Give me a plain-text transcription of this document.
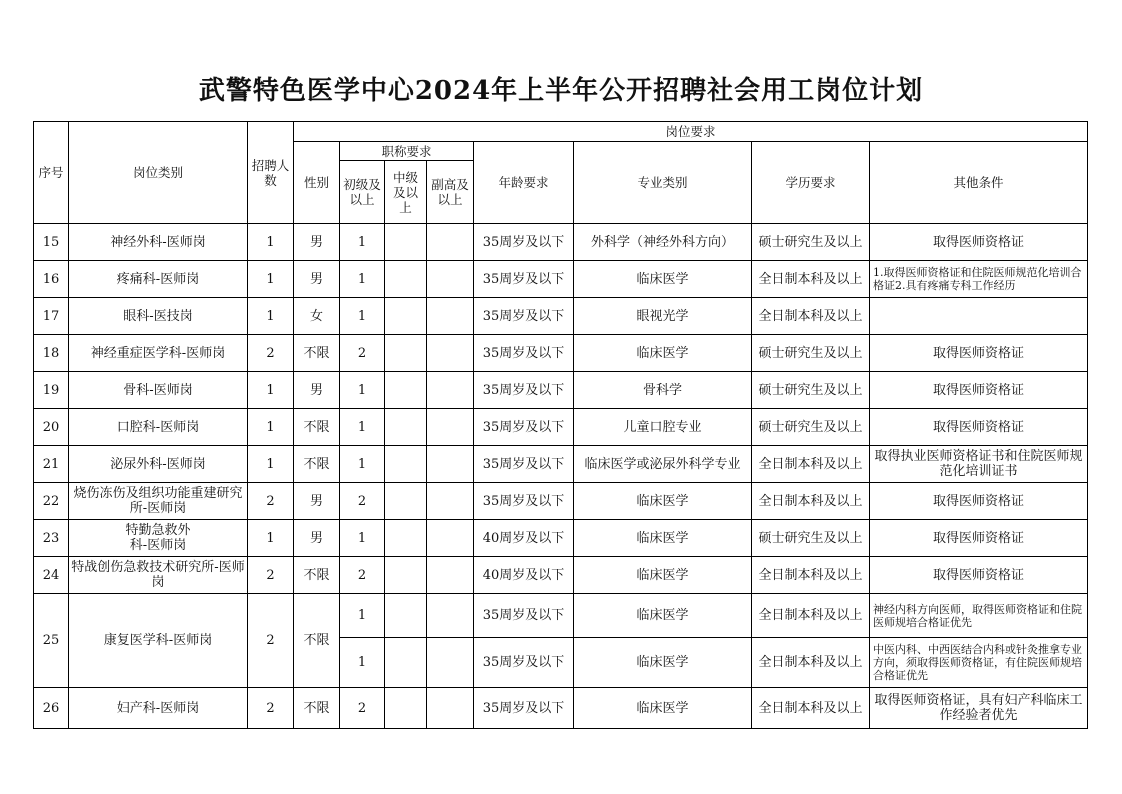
武警特色医学中心2024年上半年公开招聘社会用工岗位计划
序号	岗位类别	招聘人数	岗位要求							
			性别	职称要求			年龄要求	专业类别	学历要求	其他条件
				初级及以上	中级及以上	副高及以上				
15	神经外科-医师岗	1	男	1			35周岁及以下	外科学（神经外科方向）	硕士研究生及以上	取得医师资格证
16	疼痛科-医师岗	1	男	1			35周岁及以下	临床医学	全日制本科及以上	1.取得医师资格证和住院医师规范化培训合格证2.具有疼痛专科工作经历
17	眼科-医技岗	1	女	1			35周岁及以下	眼视光学	全日制本科及以上	
18	神经重症医学科-医师岗	2	不限	2			35周岁及以下	临床医学	硕士研究生及以上	取得医师资格证
19	骨科-医师岗	1	男	1			35周岁及以下	骨科学	硕士研究生及以上	取得医师资格证
20	口腔科-医师岗	1	不限	1			35周岁及以下	儿童口腔专业	硕士研究生及以上	取得医师资格证
21	泌尿外科-医师岗	1	不限	1			35周岁及以下	临床医学或泌尿外科学专业	全日制本科及以上	取得执业医师资格证书和住院医师规范化培训证书
22	烧伤冻伤及组织功能重建研究所-医师岗	2	男	2			35周岁及以下	临床医学	全日制本科及以上	取得医师资格证
23	特勤急救外科-医师岗	1	男	1			40周岁及以下	临床医学	硕士研究生及以上	取得医师资格证
24	特战创伤急救技术研究所-医师岗	2	不限	2			40周岁及以下	临床医学	全日制本科及以上	取得医师资格证
25	康复医学科-医师岗	2	不限	1			35周岁及以下	临床医学	全日制本科及以上	神经内科方向医师，取得医师资格证和住院医师规培合格证优先
				1			35周岁及以下	临床医学	全日制本科及以上	中医内科、中西医结合内科或针灸推拿专业方向，须取得医师资格证，有住院医师规培合格证优先
26	妇产科-医师岗	2	不限	2			35周岁及以下	临床医学	全日制本科及以上	取得医师资格证，具有妇产科临床工作经验者优先
